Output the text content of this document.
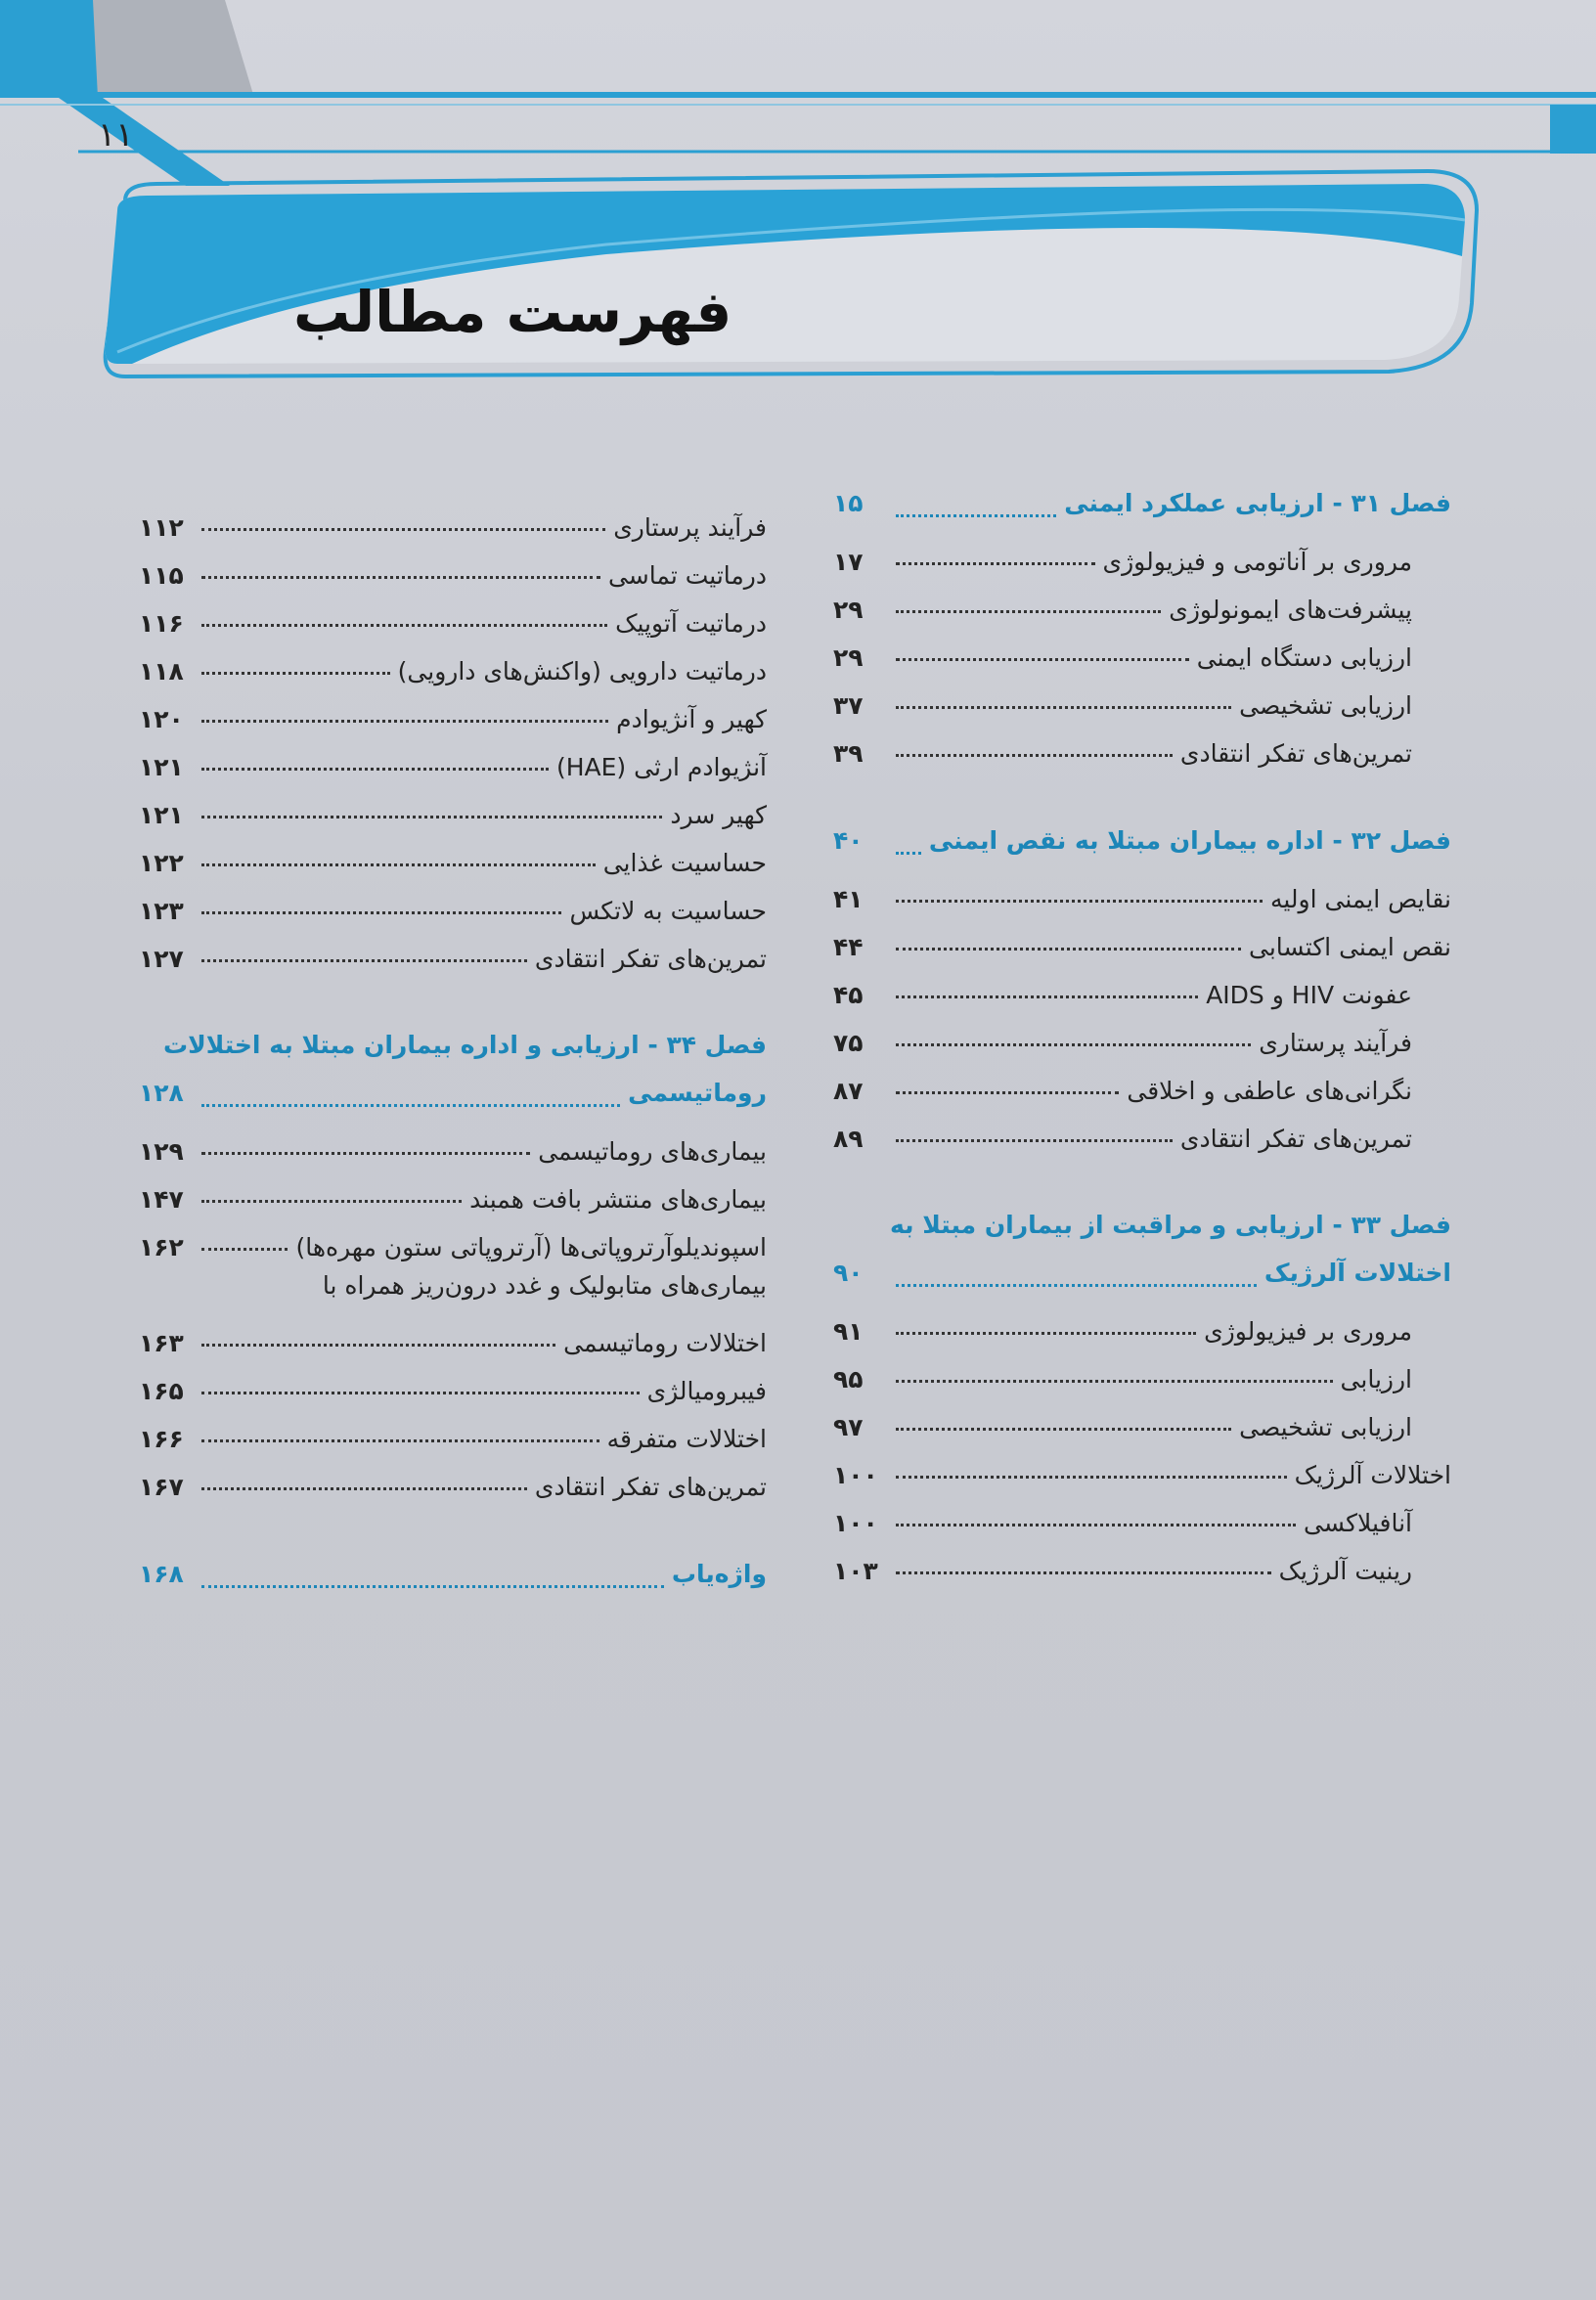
۱۱
فهرست مطالب
فصل ۳۱ - ارزیابی عملکرد ایمنی
۱۵
مروری بر آناتومی و فیزیولوژی
۱۷
پیشرفت‌های ایمونولوژی
۲۹
ارزیابی دستگاه ایمنی
۲۹
ارزیابی تشخیصی
۳۷
تمرین‌های تفکر انتقادی
۳۹
فصل ۳۲ - اداره بیماران مبتلا به نقص ایمنی
۴۰
نقایص ایمنی اولیه
۴۱
نقص ایمنی اکتسابی
۴۴
عفونت HIV و AIDS
۴۵
فرآیند پرستاری
۷۵
نگرانی‌های عاطفی و اخلاقی
۸۷
تمرین‌های تفکر انتقادی
۸۹
فصل ۳۳ - ارزیابی و مراقبت از بیماران مبتلا به
اختلالات آلرژیک
۹۰
مروری بر فیزیولوژی
۹۱
ارزیابی
۹۵
ارزیابی تشخیصی
۹۷
اختلالات آلرژیک
۱۰۰
آنافیلاکسی
۱۰۰
رینیت آلرژیک
۱۰۳
فرآیند پرستاری
۱۱۲
درماتیت تماسی
۱۱۵
درماتیت آتوپیک
۱۱۶
درماتیت دارویی (واکنش‌های دارویی)
۱۱۸
کهیر و آنژیوادم
۱۲۰
آنژیوادم ارثی (HAE)
۱۲۱
کهیر سرد
۱۲۱
حساسیت غذایی
۱۲۲
حساسیت به لاتکس
۱۲۳
تمرین‌های تفکر انتقادی
۱۲۷
فصل ۳۴ - ارزیابی و اداره بیماران مبتلا به اختلالات
روماتیسمی
۱۲۸
بیماری‌های روماتیسمی
۱۲۹
بیماری‌های منتشر بافت همبند
۱۴۷
اسپوندیلوآرتروپاتی‌ها (آرتروپاتی ستون مهره‌ها)
۱۶۲
بیماری‌های متابولیک و غدد درون‌ریز همراه با
اختلالات روماتیسمی
۱۶۳
فیبرومیالژی
۱۶۵
اختلالات متفرقه
۱۶۶
تمرین‌های تفکر انتقادی
۱۶۷
واژه‌یاب
۱۶۸
